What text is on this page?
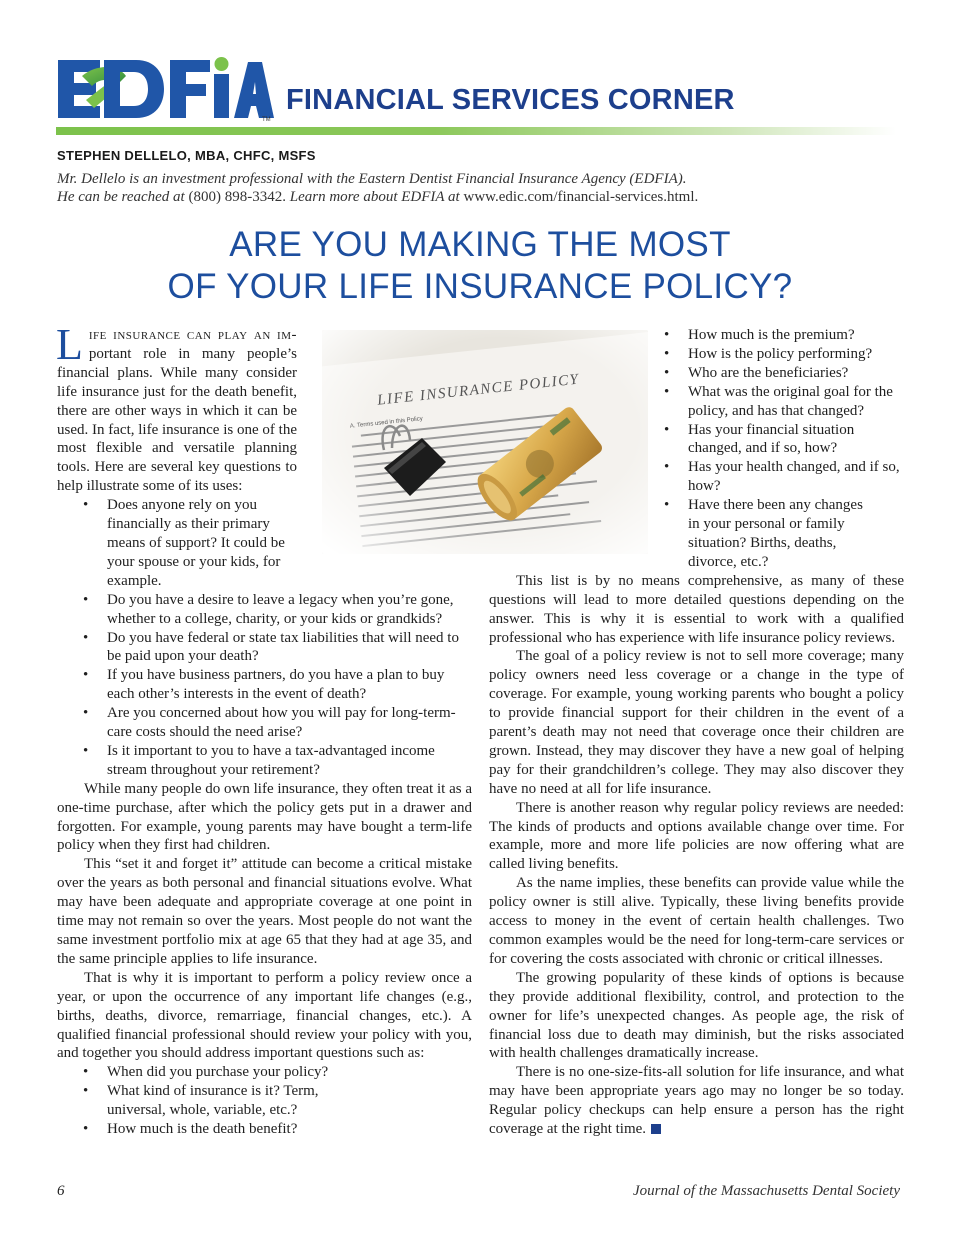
TM
FINANCIAL SERVICES CORNER
STEPHEN DELLELO, MBA, CHFC, MSFS
Mr. Dellelo is an investment professional with the Eastern Dentist Financial Insurance Agency (EDFIA).
He can be reached at (800) 898-3342. Learn more about EDFIA at www.edic.com/financial-services.html.
ARE YOU MAKING THE MOST
OF YOUR LIFE INSURANCE POLICY?

Life insurance can play an im-portant role in many people’s financial plans. While many consider life insurance just for the death benefit, there are other ways in which it can be used. In fact, life insurance is one of the most flexible and versatile planning tools. Here are several key questions to help illustrate some of its uses:

• Does anyone rely on you financially as their primary means of support? It could be your spouse or your kids, for example.
• Do you have a desire to leave a legacy when you’re gone, whether to a college, charity, or your kids or grandkids?
• Do you have federal or state tax liabilities that will need to be paid upon your death?
• If you have business partners, do you have a plan to buy each other’s interests in the event of death?
• Are you concerned about how you will pay for long-term-care costs should the need arise?
• Is it important to you to have a tax-advantaged income stream throughout your retirement?

While many people do own life insurance, they often treat it as a one-time purchase, after which the policy gets put in a drawer and forgotten. For example, young parents may have bought a term-life policy when they first had children.

This “set it and forget it” attitude can become a critical mistake over the years as both personal and financial situations evolve. What may have been adequate and appropriate coverage at one point in time may not remain so over the years. Most people do not want the same investment portfolio mix at age 65 that they had at age 35, and the same principle applies to life insurance.

That is why it is important to perform a policy review once a year, or upon the occurrence of any important life changes (e.g., births, deaths, divorce, remarriage, financial changes, etc.). A qualified financial professional should review your policy with you, and together you should address important questions such as:

• When did you purchase your policy?
• What kind of insurance is it? Term, universal, whole, variable, etc.?
• How much is the death benefit?
• How much is the premium?
• How is the policy performing?
• Who are the beneficiaries?
• What was the original goal for the policy, and has that changed?
• Has your financial situation changed, and if so, how?
• Has your health changed, and if so, how?
• Have there been any changes in your personal or family situation? Births, deaths, divorce, etc.?

This list is by no means comprehensive, as many of these questions will lead to more detailed questions depending on the answer. This is why it is essential to work with a qualified professional who has experience with life insurance policy reviews.

The goal of a policy review is not to sell more coverage; many policy owners need less coverage or a change in the type of coverage. For example, young working parents who bought a policy to provide financial support for their children in the event of a parent’s death may not need that coverage once their children are grown. Instead, they may discover they have a new goal of helping pay for their grandchildren’s college. They may also discover they have no need at all for life insurance.

There is another reason why regular policy reviews are needed: The kinds of products and options available change over time. For example, more and more life policies are now offering what are called living benefits.

As the name implies, these benefits can provide value while the policy owner is still alive. Typically, these living benefits provide access to money in the event of certain health challenges. Two common examples would be the need for long-term-care services or for covering the costs associated with chronic or critical illnesses.

The growing popularity of these kinds of options is because they provide additional flexibility, control, and protection to the owner for life’s unexpected changes. As people age, the risk of financial loss due to death may diminish, but the risks associated with health challenges dramatically increase.

There is no one-size-fits-all solution for life insurance, and what may have been appropriate years ago may no longer be so today. Regular policy checkups can help ensure a person has the right coverage at the right time.

6	Journal of the Massachusetts Dental Society
